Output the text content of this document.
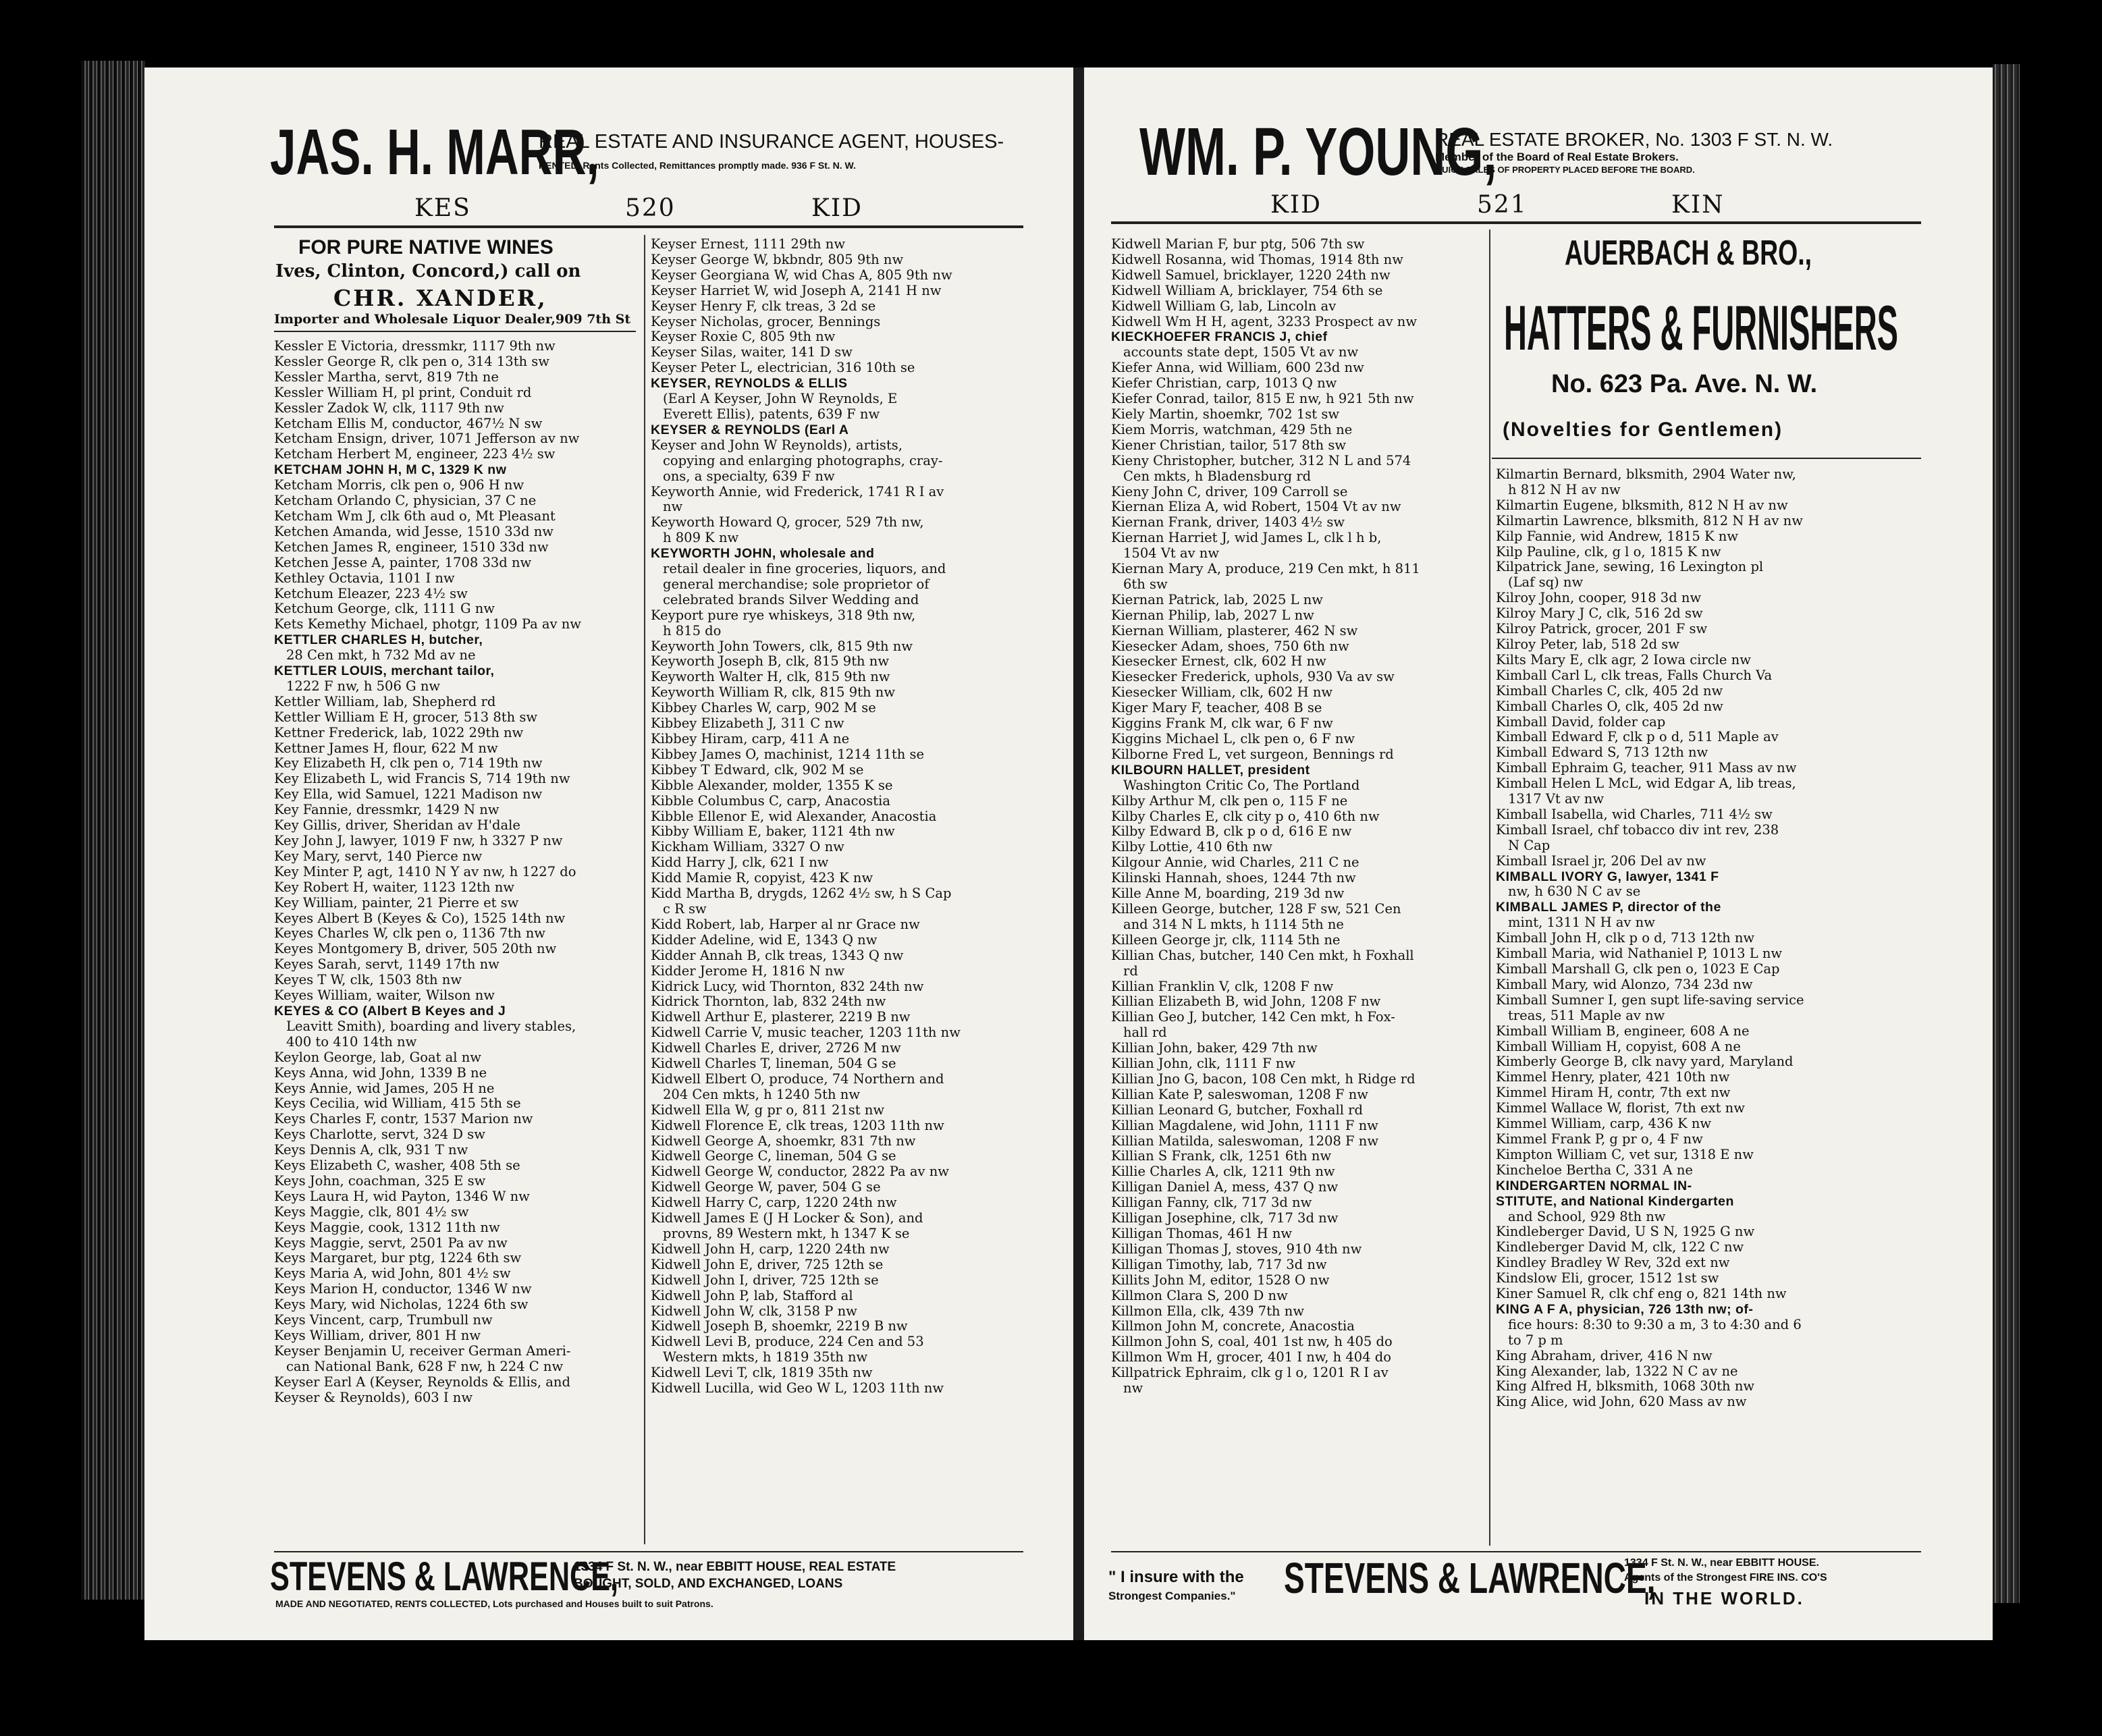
JAS. H. MARR,
REAL ESTATE AND INSURANCE AGENT, HOUSES-
RENTED, Rents Collected, Remittances promptly made. 936 F St. N. W.
KES	520	KID
FOR PURE NATIVE WINES
Ives, Clinton, Concord,) call on
CHR. XANDER,
Importer and Wholesale Liquor Dealer,909 7th St
Kessler E Victoria, dressmkr, 1117 9th nw
Kessler George R, clk pen o, 314 13th sw
Kessler Martha, servt, 819 7th ne
Kessler William H, pl print, Conduit rd
Kessler Zadok W, clk, 1117 9th nw
Ketcham Ellis M, conductor, 467½ N sw
Ketcham Ensign, driver, 1071 Jefferson av nw
Ketcham Herbert M, engineer, 223 4½ sw
KETCHAM JOHN H, M C, 1329 K nw
Ketcham Morris, clk pen o, 906 H nw
Ketcham Orlando C, physician, 37 C ne
Ketcham Wm J, clk 6th aud o, Mt Pleasant
Ketchen Amanda, wid Jesse, 1510 33d nw
Ketchen James R, engineer, 1510 33d nw
Ketchen Jesse A, painter, 1708 33d nw
Kethley Octavia, 1101 I nw
Ketchum Eleazer, 223 4½ sw
Ketchum George, clk, 1111 G nw
Kets Kemethy Michael, photgr, 1109 Pa av nw
KETTLER CHARLES H, butcher,
28 Cen mkt, h 732 Md av ne
KETTLER LOUIS, merchant tailor,
1222 F nw, h 506 G nw
Kettler William, lab, Shepherd rd
Kettler William E H, grocer, 513 8th sw
Kettner Frederick, lab, 1022 29th nw
Kettner James H, flour, 622 M nw
Key Elizabeth H, clk pen o, 714 19th nw
Key Elizabeth L, wid Francis S, 714 19th nw
Key Ella, wid Samuel, 1221 Madison nw
Key Fannie, dressmkr, 1429 N nw
Key Gillis, driver, Sheridan av H'dale
Key John J, lawyer, 1019 F nw, h 3327 P nw
Key Mary, servt, 140 Pierce nw
Key Minter P, agt, 1410 N Y av nw, h 1227 do
Key Robert H, waiter, 1123 12th nw
Key William, painter, 21 Pierre et sw
Keyes Albert B (Keyes & Co), 1525 14th nw
Keyes Charles W, clk pen o, 1136 7th nw
Keyes Montgomery B, driver, 505 20th nw
Keyes Sarah, servt, 1149 17th nw
Keyes T W, clk, 1503 8th nw
Keyes William, waiter, Wilson nw
KEYES & CO (Albert B Keyes and J
Leavitt Smith), boarding and livery stables,
400 to 410 14th nw
Keylon George, lab, Goat al nw
Keys Anna, wid John, 1339 B ne
Keys Annie, wid James, 205 H ne
Keys Cecilia, wid William, 415 5th se
Keys Charles F, contr, 1537 Marion nw
Keys Charlotte, servt, 324 D sw
Keys Dennis A, clk, 931 T nw
Keys Elizabeth C, washer, 408 5th se
Keys John, coachman, 325 E sw
Keys Laura H, wid Payton, 1346 W nw
Keys Maggie, clk, 801 4½ sw
Keys Maggie, cook, 1312 11th nw
Keys Maggie, servt, 2501 Pa av nw
Keys Margaret, bur ptg, 1224 6th sw
Keys Maria A, wid John, 801 4½ sw
Keys Marion H, conductor, 1346 W nw
Keys Mary, wid Nicholas, 1224 6th sw
Keys Vincent, carp, Trumbull nw
Keys William, driver, 801 H nw
Keyser Benjamin U, receiver German Ameri-
can National Bank, 628 F nw, h 224 C nw
Keyser Earl A (Keyser, Reynolds & Ellis, and
Keyser & Reynolds), 603 I nw
Keyser Ernest, 1111 29th nw
Keyser George W, bkbndr, 805 9th nw
Keyser Georgiana W, wid Chas A, 805 9th nw
Keyser Harriet W, wid Joseph A, 2141 H nw
Keyser Henry F, clk treas, 3 2d se
Keyser Nicholas, grocer, Bennings
Keyser Roxie C, 805 9th nw
Keyser Silas, waiter, 141 D sw
Keyser Peter L, electrician, 316 10th se
KEYSER, REYNOLDS & ELLIS
(Earl A Keyser, John W Reynolds, E
Everett Ellis), patents, 639 F nw
KEYSER & REYNOLDS (Earl A
Keyser and John W Reynolds), artists,
copying and enlarging photographs, cray-
ons, a specialty, 639 F nw
Keyworth Annie, wid Frederick, 1741 R I av
nw
Keyworth Howard Q, grocer, 529 7th nw,
h 809 K nw
KEYWORTH JOHN, wholesale and
retail dealer in fine groceries, liquors, and
general merchandise; sole proprietor of
celebrated brands Silver Wedding and
Keyport pure rye whiskeys, 318 9th nw,
h 815 do
Keyworth John Towers, clk, 815 9th nw
Keyworth Joseph B, clk, 815 9th nw
Keyworth Walter H, clk, 815 9th nw
Keyworth William R, clk, 815 9th nw
Kibbey Charles W, carp, 902 M se
Kibbey Elizabeth J, 311 C nw
Kibbey Hiram, carp, 411 A ne
Kibbey James O, machinist, 1214 11th se
Kibbey T Edward, clk, 902 M se
Kibble Alexander, molder, 1355 K se
Kibble Columbus C, carp, Anacostia
Kibble Ellenor E, wid Alexander, Anacostia
Kibby William E, baker, 1121 4th nw
Kickham William, 3327 O nw
Kidd Harry J, clk, 621 I nw
Kidd Mamie R, copyist, 423 K nw
Kidd Martha B, drygds, 1262 4½ sw, h S Cap
c R sw
Kidd Robert, lab, Harper al nr Grace nw
Kidder Adeline, wid E, 1343 Q nw
Kidder Annah B, clk treas, 1343 Q nw
Kidder Jerome H, 1816 N nw
Kidrick Lucy, wid Thornton, 832 24th nw
Kidrick Thornton, lab, 832 24th nw
Kidwell Arthur E, plasterer, 2219 B nw
Kidwell Carrie V, music teacher, 1203 11th nw
Kidwell Charles E, driver, 2726 M nw
Kidwell Charles T, lineman, 504 G se
Kidwell Elbert O, produce, 74 Northern and
204 Cen mkts, h 1240 5th nw
Kidwell Ella W, g pr o, 811 21st nw
Kidwell Florence E, clk treas, 1203 11th nw
Kidwell George A, shoemkr, 831 7th nw
Kidwell George C, lineman, 504 G se
Kidwell George W, conductor, 2822 Pa av nw
Kidwell George W, paver, 504 G se
Kidwell Harry C, carp, 1220 24th nw
Kidwell James E (J H Locker & Son), and
provns, 89 Western mkt, h 1347 K se
Kidwell John H, carp, 1220 24th nw
Kidwell John E, driver, 725 12th se
Kidwell John I, driver, 725 12th se
Kidwell John P, lab, Stafford al
Kidwell John W, clk, 3158 P nw
Kidwell Joseph B, shoemkr, 2219 B nw
Kidwell Levi B, produce, 224 Cen and 53
Western mkts, h 1819 35th nw
Kidwell Levi T, clk, 1819 35th nw
Kidwell Lucilla, wid Geo W L, 1203 11th nw
STEVENS & LAWRENCE,
1334 F St. N. W., near EBBITT HOUSE, REAL ESTATE
BOUGHT, SOLD, AND EXCHANGED, LOANS
MADE AND NEGOTIATED, RENTS COLLECTED, Lots purchased and Houses built to suit Patrons.
WM. P. YOUNG,
REAL ESTATE BROKER, No. 1303 F ST. N. W.
Member of the Board of Real Estate Brokers.
QUICK SALES OF PROPERTY PLACED BEFORE THE BOARD.
KID	521	KIN
AUERBACH & BRO.,
HATTERS & FURNISHERS
No. 623 Pa. Ave. N. W.
(Novelties for Gentlemen)
Kidwell Marian F, bur ptg, 506 7th sw
Kidwell Rosanna, wid Thomas, 1914 8th nw
Kidwell Samuel, bricklayer, 1220 24th nw
Kidwell William A, bricklayer, 754 6th se
Kidwell William G, lab, Lincoln av
Kidwell Wm H H, agent, 3233 Prospect av nw
KIECKHOEFER FRANCIS J, chief
accounts state dept, 1505 Vt av nw
Kiefer Anna, wid William, 600 23d nw
Kiefer Christian, carp, 1013 Q nw
Kiefer Conrad, tailor, 815 E nw, h 921 5th nw
Kiely Martin, shoemkr, 702 1st sw
Kiem Morris, watchman, 429 5th ne
Kiener Christian, tailor, 517 8th sw
Kieny Christopher, butcher, 312 N L and 574
Cen mkts, h Bladensburg rd
Kieny John C, driver, 109 Carroll se
Kiernan Eliza A, wid Robert, 1504 Vt av nw
Kiernan Frank, driver, 1403 4½ sw
Kiernan Harriet J, wid James L, clk l h b,
1504 Vt av nw
Kiernan Mary A, produce, 219 Cen mkt, h 811
6th sw
Kiernan Patrick, lab, 2025 L nw
Kiernan Philip, lab, 2027 L nw
Kiernan William, plasterer, 462 N sw
Kiesecker Adam, shoes, 750 6th nw
Kiesecker Ernest, clk, 602 H nw
Kiesecker Frederick, uphols, 930 Va av sw
Kiesecker William, clk, 602 H nw
Kiger Mary F, teacher, 408 B se
Kiggins Frank M, clk war, 6 F nw
Kiggins Michael L, clk pen o, 6 F nw
Kilborne Fred L, vet surgeon, Bennings rd
KILBOURN HALLET, president
Washington Critic Co, The Portland
Kilby Arthur M, clk pen o, 115 F ne
Kilby Charles E, clk city p o, 410 6th nw
Kilby Edward B, clk p o d, 616 E nw
Kilby Lottie, 410 6th nw
Kilgour Annie, wid Charles, 211 C ne
Kilinski Hannah, shoes, 1244 7th nw
Kille Anne M, boarding, 219 3d nw
Killeen George, butcher, 128 F sw, 521 Cen
and 314 N L mkts, h 1114 5th ne
Killeen George jr, clk, 1114 5th ne
Killian Chas, butcher, 140 Cen mkt, h Foxhall
rd
Killian Franklin V, clk, 1208 F nw
Killian Elizabeth B, wid John, 1208 F nw
Killian Geo J, butcher, 142 Cen mkt, h Fox-
hall rd
Killian John, baker, 429 7th nw
Killian John, clk, 1111 F nw
Killian Jno G, bacon, 108 Cen mkt, h Ridge rd
Killian Kate P, saleswoman, 1208 F nw
Killian Leonard G, butcher, Foxhall rd
Killian Magdalene, wid John, 1111 F nw
Killian Matilda, saleswoman, 1208 F nw
Killian S Frank, clk, 1251 6th nw
Killie Charles A, clk, 1211 9th nw
Killigan Daniel A, mess, 437 Q nw
Killigan Fanny, clk, 717 3d nw
Killigan Josephine, clk, 717 3d nw
Killigan Thomas, 461 H nw
Killigan Thomas J, stoves, 910 4th nw
Killigan Timothy, lab, 717 3d nw
Killits John M, editor, 1528 O nw
Killmon Clara S, 200 D nw
Killmon Ella, clk, 439 7th nw
Killmon John M, concrete, Anacostia
Killmon John S, coal, 401 1st nw, h 405 do
Killmon Wm H, grocer, 401 I nw, h 404 do
Killpatrick Ephraim, clk g l o, 1201 R I av
nw
Kilmartin Bernard, blksmith, 2904 Water nw,
h 812 N H av nw
Kilmartin Eugene, blksmith, 812 N H av nw
Kilmartin Lawrence, blksmith, 812 N H av nw
Kilp Fannie, wid Andrew, 1815 K nw
Kilp Pauline, clk, g l o, 1815 K nw
Kilpatrick Jane, sewing, 16 Lexington pl
(Laf sq) nw
Kilroy John, cooper, 918 3d nw
Kilroy Mary J C, clk, 516 2d sw
Kilroy Patrick, grocer, 201 F sw
Kilroy Peter, lab, 518 2d sw
Kilts Mary E, clk agr, 2 Iowa circle nw
Kimball Carl L, clk treas, Falls Church Va
Kimball Charles C, clk, 405 2d nw
Kimball Charles O, clk, 405 2d nw
Kimball David, folder cap
Kimball Edward F, clk p o d, 511 Maple av
Kimball Edward S, 713 12th nw
Kimball Ephraim G, teacher, 911 Mass av nw
Kimball Helen L McL, wid Edgar A, lib treas,
1317 Vt av nw
Kimball Isabella, wid Charles, 711 4½ sw
Kimball Israel, chf tobacco div int rev, 238
N Cap
Kimball Israel jr, 206 Del av nw
KIMBALL IVORY G, lawyer, 1341 F
nw, h 630 N C av se
KIMBALL JAMES P, director of the
mint, 1311 N H av nw
Kimball John H, clk p o d, 713 12th nw
Kimball Maria, wid Nathaniel P, 1013 L nw
Kimball Marshall G, clk pen o, 1023 E Cap
Kimball Mary, wid Alonzo, 734 23d nw
Kimball Sumner I, gen supt life-saving service
treas, 511 Maple av nw
Kimball William B, engineer, 608 A ne
Kimball William H, copyist, 608 A ne
Kimberly George B, clk navy yard, Maryland
Kimmel Henry, plater, 421 10th nw
Kimmel Hiram H, contr, 7th ext nw
Kimmel Wallace W, florist, 7th ext nw
Kimmel William, carp, 436 K nw
Kimmel Frank P, g pr o, 4 F nw
Kimpton William C, vet sur, 1318 E nw
Kincheloe Bertha C, 331 A ne
KINDERGARTEN NORMAL IN-
STITUTE, and National Kindergarten
and School, 929 8th nw
Kindleberger David, U S N, 1925 G nw
Kindleberger David M, clk, 122 C nw
Kindley Bradley W Rev, 32d ext nw
Kindslow Eli, grocer, 1512 1st sw
Kiner Samuel R, clk chf eng o, 821 14th nw
KING A F A, physician, 726 13th nw; of-
fice hours: 8:30 to 9:30 a m, 3 to 4:30 and 6
to 7 p m
King Abraham, driver, 416 N nw
King Alexander, lab, 1322 N C av ne
King Alfred H, blksmith, 1068 30th nw
King Alice, wid John, 620 Mass av nw
" I insure with the
Strongest Companies." STEVENS & LAWRENCE,
1334 F St. N. W., near EBBITT HOUSE.
Agents of the Strongest FIRE INS. CO'S
IN THE WORLD.
